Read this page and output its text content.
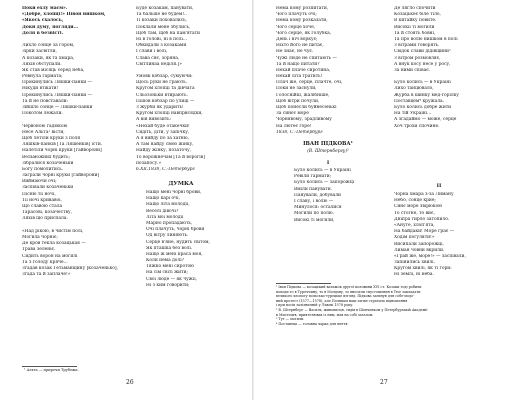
Поки ехлу маєм».
«Добре, хлопці!» Півон нишком,
«Якось єхалось,
Доки думу, погляди...
Доля в безвісті.

Лихло сонце за гором,
Зірки засвітли,
А козаки, як та хмара,
Ляхів обступали.
Як став місяць серед неба,
Ревнула гармата;
Прокинулись Ляшки-панки —
Нікуди втікати!
Прокинулись Ляшки-панки —
Та й не повставали:
Зійшло сонце — Ляшки-панки
Покотом лежали.

Червоною гадюкою
Несе Альта¹ вісти,
Щоб летіли круки з поля
Ляшків-панків [Та Ляшенків] їсти.
Налетіли чорні круки [гайворони]
Вельможних будить;
Зібралися козаченьки
Богу помолитись.
Заграли чорні круки [гайворони]
Виймаючи очі;
Заспівали козаченьки
Пісню тії ночі,
Тії ночі кривавої,
Що славою стала
Тарасові, козачеству,
Ляхів що приспала.

«Над рікою, в чистім полі,
Могила чорніє;
Де кров текла козацькая —
Трава зеленіє.
Сидить ворон на могилі
Та з голоду кряче...
Згадав козак Гетьманщину [козаченько],
Згада та й заплаче!»
Буде козакам, панувати,
Та бальше не будем!..
Ті козаки поховались,
Поклали мене збулись,
Щоб там, щоб на пам'ятати
Ні в голові, ні в полі...
Обкидали з козаками
І слави і волі,
Слава сяє, зоряна,
Світлинаа неділя.]»

Умовк кобзар, сумуючи:
Щось руки не грають.
Кругом хлопці та дівчата
Сльозоньки втирають.
Пішов кобзар по улиці —
З журби як ударить!
Кругом хлопці навприсядки,
А він вивозить:
«Нехай буде отакечки!
Сидіть, діти, у запічку,
А я вийду по за хатню,
А там найду свою жінку,
Найду жінку, позаточу,
То ворожнечам [Та й ворогів]
позапосу.»
6.XII.1838, С.-Петербург
ДУМКА
Нащо мені чорні брови,
Нащо карі очі,
Нащо літа молодії,
Веселі дівочі?
Літа мої молодії
Марно пропадають,
Очі плачуть, чорні брови
Од вітру линяють.
Серце в'яне, нудить світом,
Як пташка без волі.
Нащо ж мені краса моя,
Коли нема долі?
Тяжко мені сиротою
На сім світі жити;
Свої люде — як чужії,
Ні з ким говорити;
¹ Альта — приречи Трубежа.
26
Нема кому розпитати,
Чого плачуть очі;
Нема кому розказати,
Чого серце хоче,
Чого серце, як голубка,
День і ніч воркує;
Ніхто його не питає,
Не знає, не чує.
Чужі люде не спитають —
Та й нащо питати?
Нехай плаче сиротина,
Нехай літа тратить!
Плач же, серце, плачте, очі,
Поки не заснули,
Голоснійш, жалібніше,
Щоб вітри почули,
Щоб понесли буйнесенькі
За синєє море
Чорнявому, зрадливому
На лютеє горе!
1838, С.-Петербург
ІВАН ПІДКОВА¹
(В. Штернбергу)²
І
Було колись — в Україні
Ревіли гармати;
Було колись — запорожці
Вміли панувати.
Панували, добували
І славу, і волю —
Минулося: осталися
Могили по полю.
Високі ті могили,
Де лягло спочити
Козацькеє біле тіло,
В китайку повите.
Високії ті могили
Та й стоять бовні,
Та про волю нишком в полі
З вітрами говорять.
Свідок слави дідівщини³
З вітром розмовляє,
А внук косу несе у росу,
За ними співає.

Було колись — в Україні
Лихо танцювало,
Журба в шинку мед-горілку
Поставцем⁴ кружала.
Було колись добре жити
На тій Україні...
А згадаймо — може, серце
Хоч трохи спочине.
II
Чорна хмара з-за Лиману
Небо, сонце крие;
Синє море звірюкою
То стогне, то виє,
Дніпра гирло затопило.
«Ануте, хлоп'ята,
На байдаки! Море грає —
Ходім погуляти!»
Висипали запорожці,
Лиман човни вкрили.
«Грай же, море!» — заспівали,
Запінились хвилі.
Кругом хвилі, як ті гори:
Ні землі, ні неба.
¹ Іван Підкова — козацький ватажок другої половини XVI ст. Козаки тоді робили
походи то в Туреччину, то в Молдову, то вносили спустошення в Тюе закладати
великого хлопогу польсько-турецьке взгляд. Підкова загинув для собе-модо-
ний протест (1577—1578), але Полякам наш загин стратила відношення
і при посів залізничній у Львові 1578 року.
² В. Штернберг — Василь, живописця, сидів в Шевченком у Петербурзькій Академії
в Мистецтв, приятелював із ним, мав на собі загалом.
³ Тут — могили.
⁴ Поставець — головна чарка для пиття.
27
